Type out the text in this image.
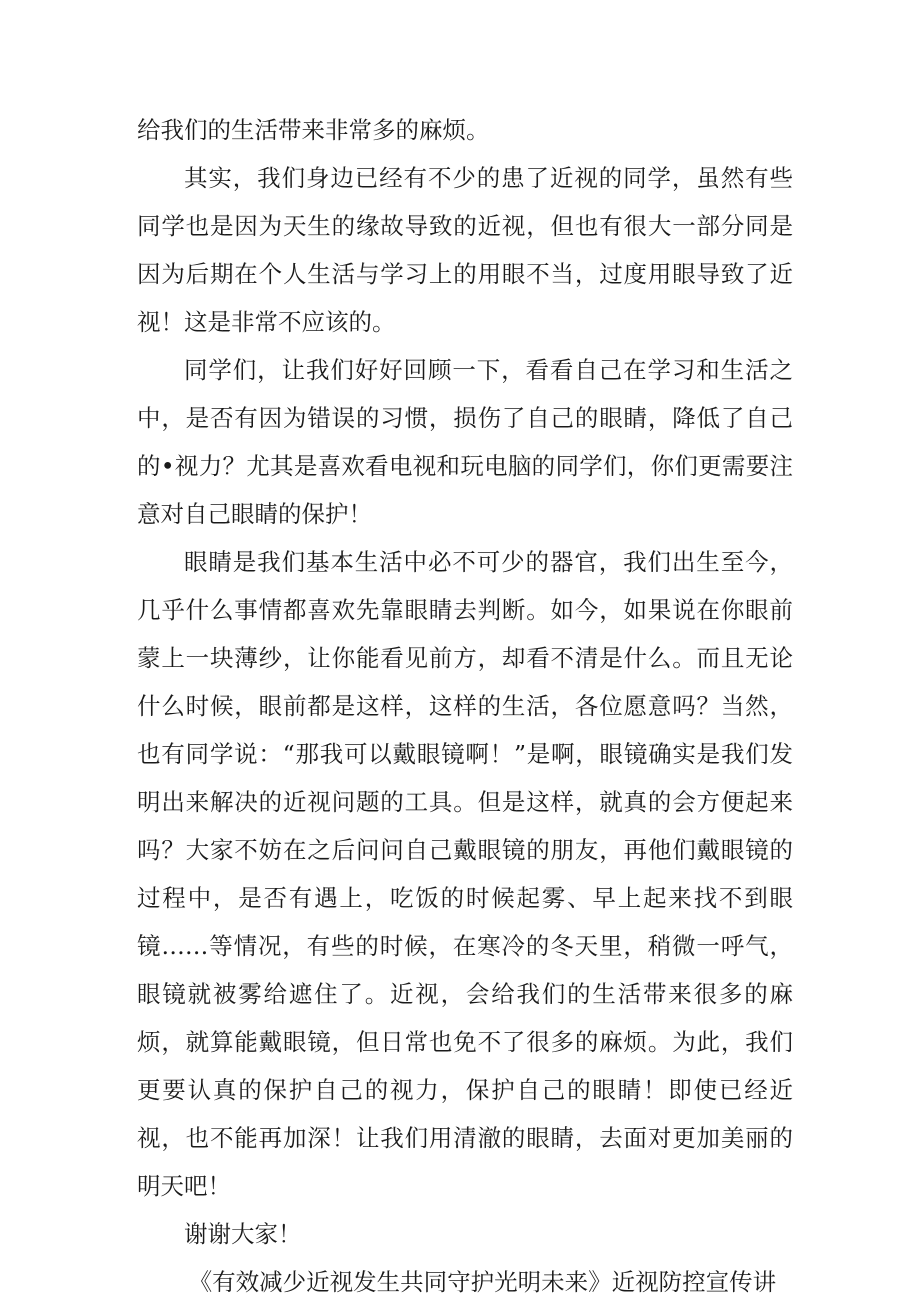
给我们的生活带来非常多的麻烦。

其实，我们身边已经有不少的患了近视的同学，虽然有些同学也是因为天生的缘故导致的近视，但也有很大一部分同是因为后期在个人生活与学习上的用眼不当，过度用眼导致了近视！这是非常不应该的。

同学们，让我们好好回顾一下，看看自己在学习和生活之中，是否有因为错误的习惯，损伤了自己的眼睛，降低了自己的•视力？尤其是喜欢看电视和玩电脑的同学们，你们更需要注意对自己眼睛的保护！

眼睛是我们基本生活中必不可少的器官，我们出生至今，几乎什么事情都喜欢先靠眼睛去判断。如今，如果说在你眼前蒙上一块薄纱，让你能看见前方，却看不清是什么。而且无论什么时候，眼前都是这样，这样的生活，各位愿意吗？当然，也有同学说：“那我可以戴眼镜啊！”是啊，眼镜确实是我们发明出来解决的近视问题的工具。但是这样，就真的会方便起来吗？大家不妨在之后问问自己戴眼镜的朋友，再他们戴眼镜的过程中，是否有遇上，吃饭的时候起雾、早上起来找不到眼镜……等情况，有些的时候，在寒冷的冬天里，稍微一呼气，眼镜就被雾给遮住了。近视，会给我们的生活带来很多的麻烦，就算能戴眼镜，但日常也免不了很多的麻烦。为此，我们更要认真的保护自己的视力，保护自己的眼睛！即使已经近视，也不能再加深！让我们用清澈的眼睛，去面对更加美丽的明天吧！

谢谢大家！

《有效减少近视发生共同守护光明未来》近视防控宣传讲
